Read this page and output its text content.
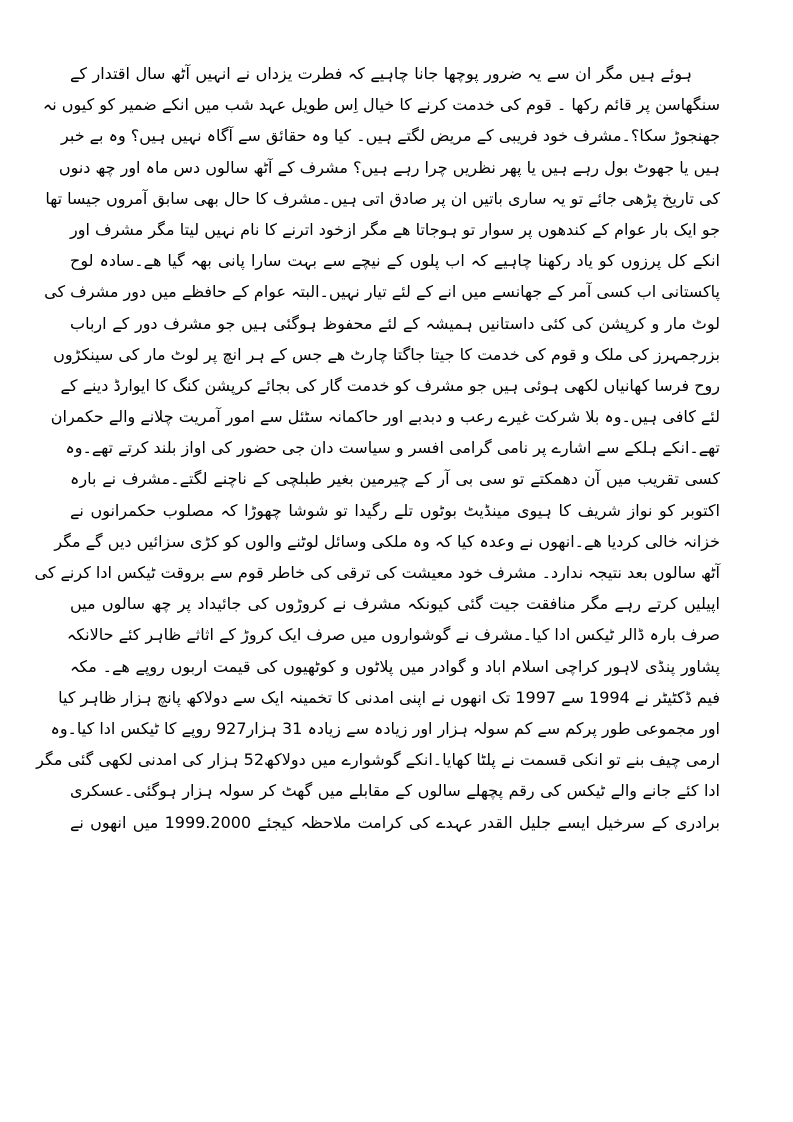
ہوئے ہیں مگر ان سے یہ ضرور پوچھا جانا چاہیے کہ فطرت یزداں نے انہیں آٹھ سال اقتدار کے
سنگھاسن پر قائم رکھا ۔ قوم کی خدمت کرنے کا خیال اِس طویل عہد شب میں انکے ضمیر کو کیوں نہ
جھنجوڑ سکا؟۔مشرف خود فریبی کے مریض لگتے ہیں۔ کیا وہ حقائق سے آگاہ نہیں ہیں؟ وہ بے خبر
ہیں یا جھوٹ بول رہے ہیں یا پھر نظریں چرا رہے ہیں؟ مشرف کے آٹھ سالوں دس ماہ اور چھ دنوں
کی تاریخ پڑھی جائے تو یہ ساری باتیں ان پر صادق اتی ہیں۔مشرف کا حال بھی سابق آمروں جیسا تھا
جو ایک بار عوام کے کندھوں پر سوار تو ہوجاتا ھے مگر ازخود اترنے کا نام نہیں لیتا مگر مشرف اور
انکے کل پرزوں کو یاد رکھنا چاہیے کہ اب پلوں کے نیچے سے بہت سارا پانی بھہ گیا ھے۔سادہ لوح
پاکستانی اب کسی آمر کے جھانسے میں انے کے لئے تیار نہیں۔البتہ عوام کے حافظے میں دور مشرف کی
لوٹ مار و کرپشن کی کئی داستانیں ہمیشہ کے لئے محفوظ ہوگئی ہیں جو مشرف دور کے ارباب
بزرجمہرز کی ملک و قوم کی خدمت کا جیتا جاگتا چارٹ ھے جس کے ہر انچ پر لوٹ مار کی سینکڑوں
روح فرسا کھانیاں لکھی ہوئی ہیں جو مشرف کو خدمت گار کی بجائے کرپشن کنگ کا ایوارڈ دینے کے
لئے کافی ہیں۔وہ بلا شرکت غیرے رعب و دبدبے اور حاکمانہ سٹئل سے امور آمریت چلانے والے حکمران
تھے۔انکے ہلکے سے اشارے پر نامی گرامی افسر و سیاست دان جی حضور کی اواز بلند کرتے تھے۔وہ
کسی تقریب میں آن دھمکتے تو سی بی آر کے چیرمین بغیر طبلچی کے ناچنے لگتے۔مشرف نے بارہ
اکتوبر کو نواز شریف کا ہیوی مینڈیٹ بوٹوں تلے رگیدا تو شوشا چھوڑا کہ مصلوب حکمرانوں نے
خزانہ خالی کردیا ھے۔انھوں نے وعدہ کیا کہ وہ ملکی وسائل لوٹنے والوں کو کڑی سزائیں دیں گے مگر
آٹھ سالوں بعد نتیجہ ندارد۔ مشرف خود معیشت کی ترقی کی خاطر قوم سے بروقت ٹیکس ادا کرنے کی
اپیلیں کرتے رہے مگر منافقت جیت گئی کیونکہ مشرف نے کروڑوں کی جائیداد پر چھ سالوں میں
صرف بارہ ڈالر ٹیکس ادا کیا۔مشرف نے گوشواروں میں صرف ایک کروڑ کے اثاثے ظاہر کئے حالانکہ
پشاور پنڈی لاہور کراچی اسلام اباد و گوادر میں پلاٹوں و کوٹھیوں کی قیمت اربوں روپے ھے۔ مکہ
فیم ڈکٹیٹر نے 1994 سے 1997 تک انھوں نے اپنی امدنی کا تخمینہ ایک سے دولاکھ پانچ ہزار ظاہر کیا
اور مجموعی طور پرکم سے کم سولہ ہزار اور زیادہ سے زیادہ 31 ہزار927 روپے کا ٹیکس ادا کیا۔وہ
ارمی چیف بنے تو انکی قسمت نے پلٹا کھایا۔انکے گوشوارے میں دولاکھ52 ہزار کی امدنی لکھی گئی مگر
ادا کئے جانے والے ٹیکس کی رقم پچھلے سالوں کے مقابلے میں گھٹ کر سولہ ہزار ہوگئی۔عسکری
برادری کے سرخیل ایسے جلیل القدر عہدے کی کرامت ملاحظہ کیجئے 1999.2000 میں انھوں نے
